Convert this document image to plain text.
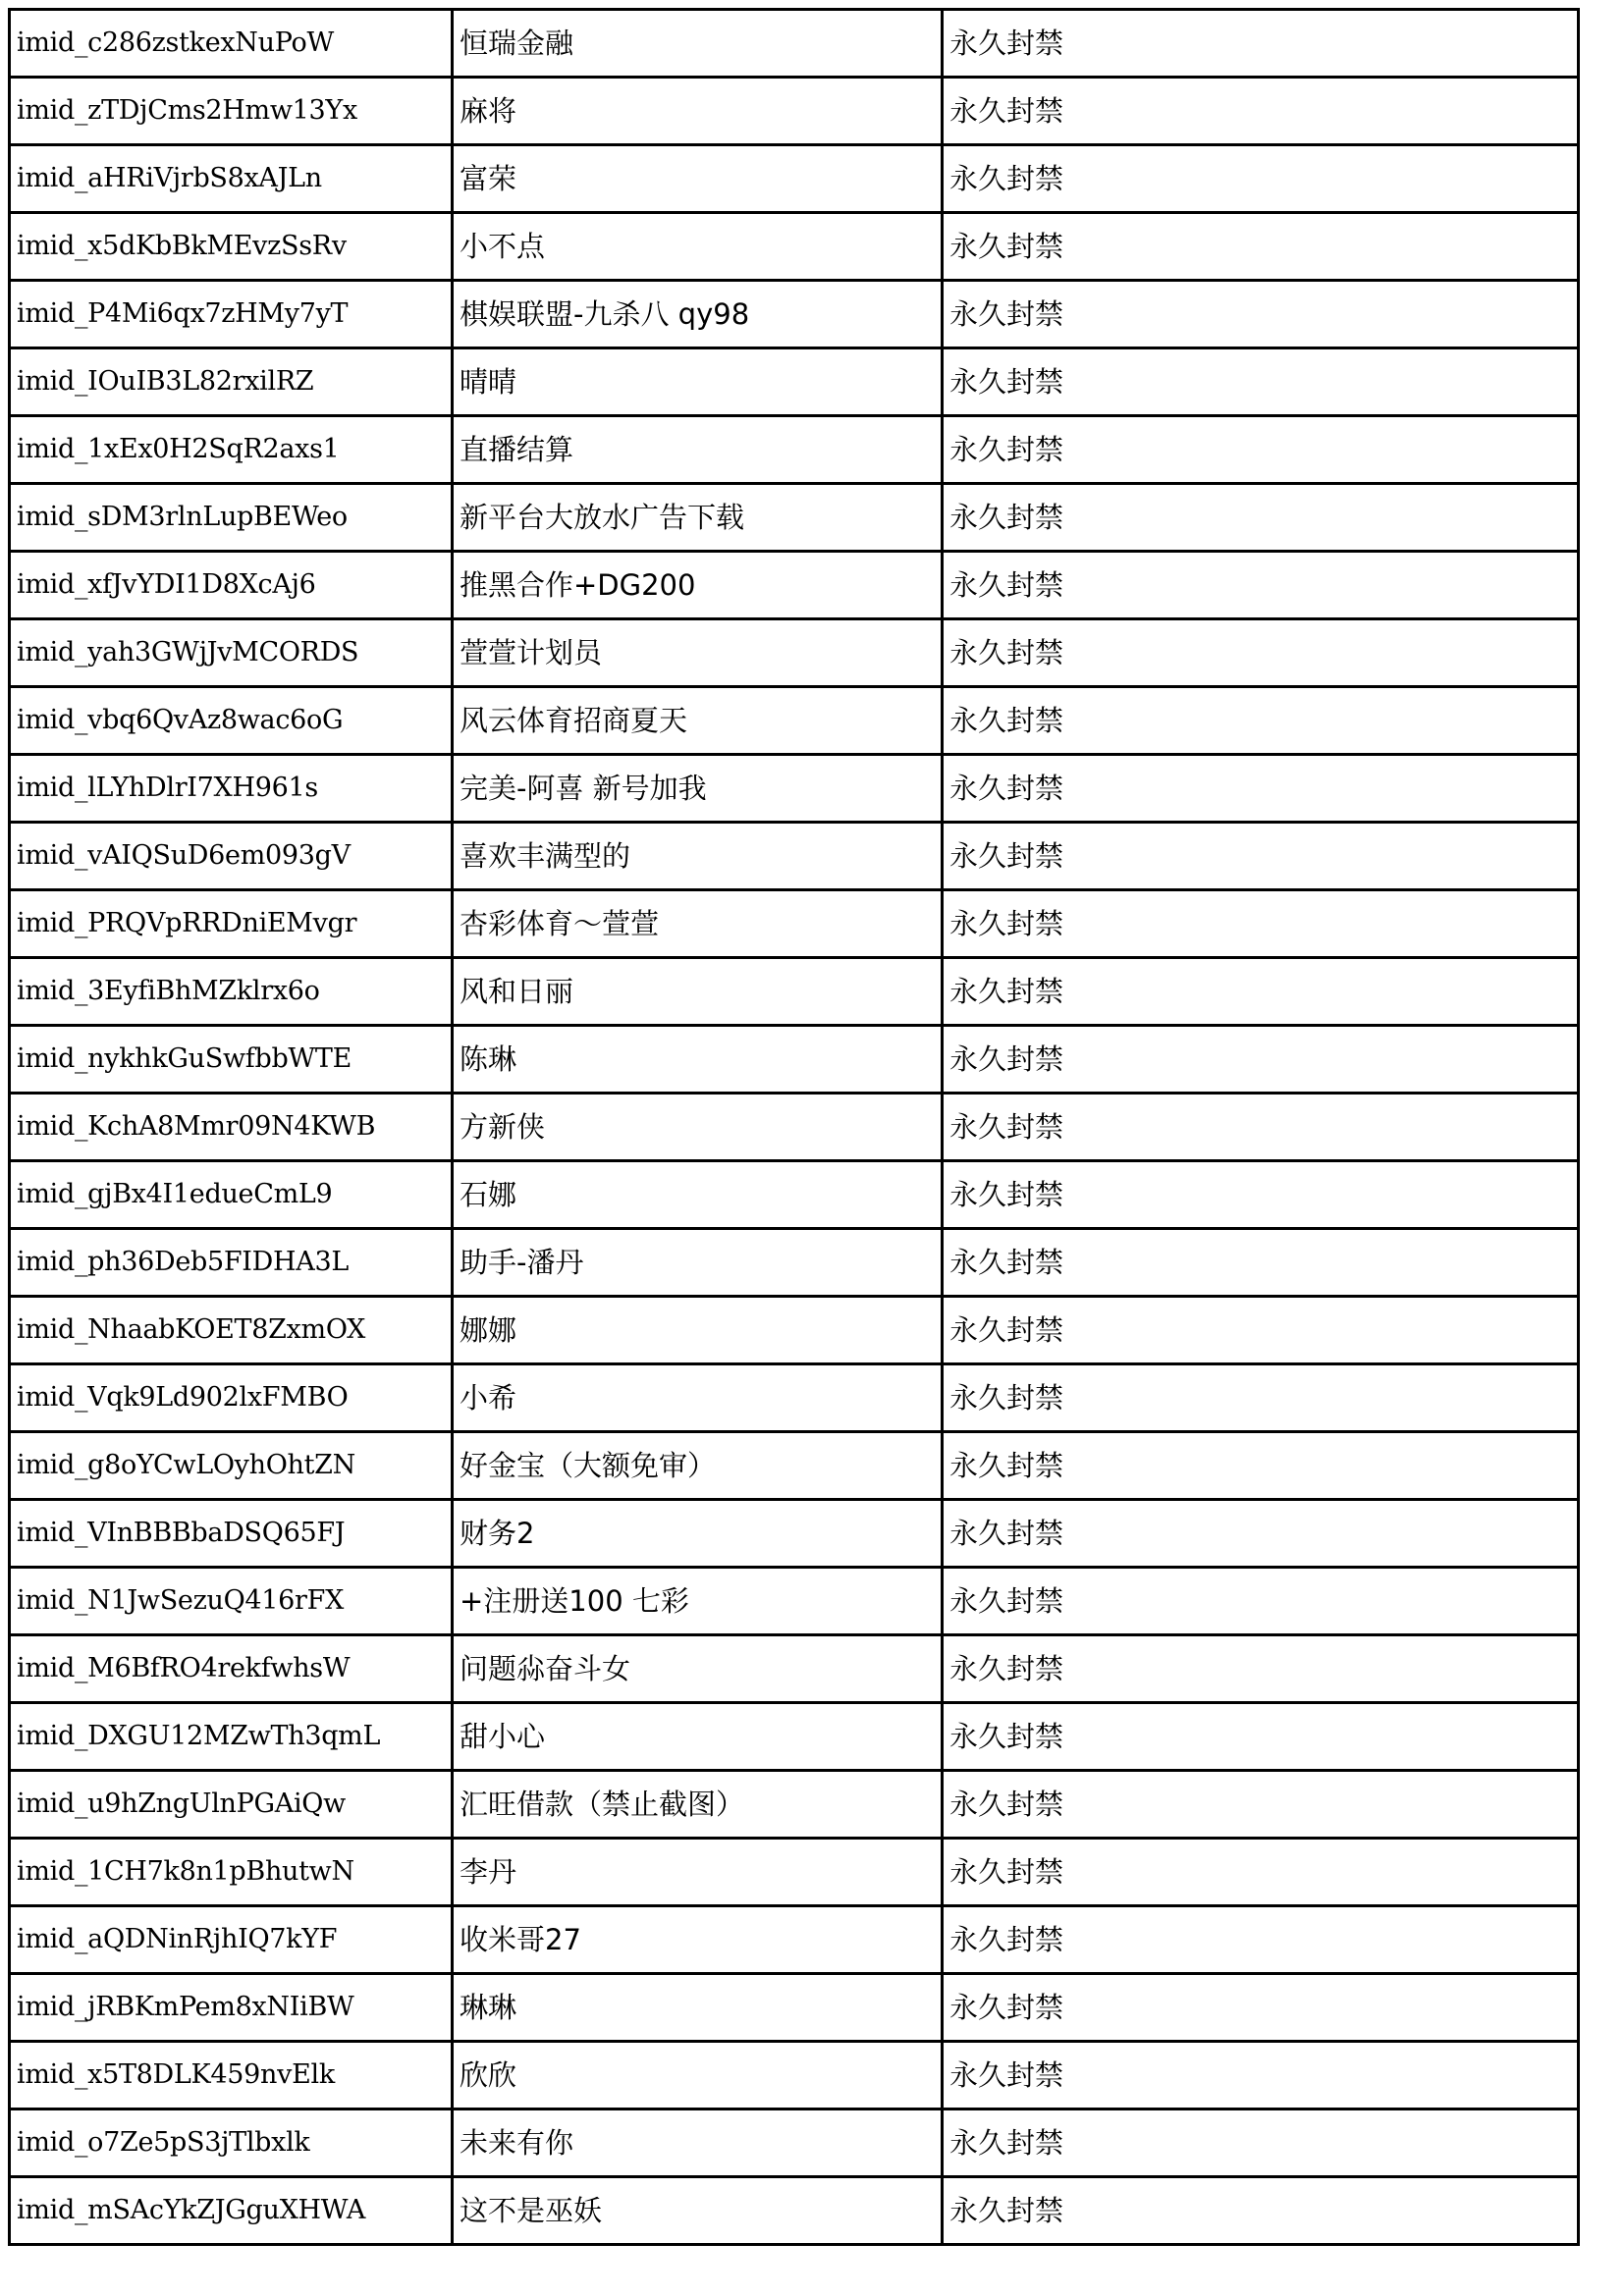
imid_c286zstkexNuPoW	恒瑞金融	永久封禁
imid_zTDjCms2Hmw13Yx	麻将	永久封禁
imid_aHRiVjrbS8xAJLn	富荣	永久封禁
imid_x5dKbBkMEvzSsRv	小不点	永久封禁
imid_P4Mi6qx7zHMy7yT	棋娱联盟-九杀八 qy98	永久封禁
imid_IOuIB3L82rxilRZ	晴晴	永久封禁
imid_1xEx0H2SqR2axs1	直播结算	永久封禁
imid_sDM3rlnLupBEWeo	新平台大放水广告下载	永久封禁
imid_xfJvYDI1D8XcAj6	推黑合作+DG200	永久封禁
imid_yah3GWjJvMCORDS	萱萱计划员	永久封禁
imid_vbq6QvAz8wac6oG	风云体育招商夏天	永久封禁
imid_lLYhDlrI7XH961s	完美-阿喜 新号加我	永久封禁
imid_vAIQSuD6em093gV	喜欢丰满型的	永久封禁
imid_PRQVpRRDniEMvgr	杏彩体育～萱萱	永久封禁
imid_3EyfiBhMZklrx6o	风和日丽	永久封禁
imid_nykhkGuSwfbbWTE	陈琳	永久封禁
imid_KchA8Mmr09N4KWB	方新侠	永久封禁
imid_gjBx4I1edueCmL9	石娜	永久封禁
imid_ph36Deb5FIDHA3L	助手-潘丹	永久封禁
imid_NhaabKOET8ZxmOX	娜娜	永久封禁
imid_Vqk9Ld902lxFMBO	小希	永久封禁
imid_g8oYCwLOyhOhtZN	好金宝（大额免审）	永久封禁
imid_VInBBBbaDSQ65FJ	财务2	永久封禁
imid_N1JwSezuQ416rFX	+注册送100 七彩	永久封禁
imid_M6BfRO4rekfwhsW	问题尛奋斗女	永久封禁
imid_DXGU12MZwTh3qmL	甜小心	永久封禁
imid_u9hZngUlnPGAiQw	汇旺借款（禁止截图）	永久封禁
imid_1CH7k8n1pBhutwN	李丹	永久封禁
imid_aQDNinRjhIQ7kYF	收米哥27	永久封禁
imid_jRBKmPem8xNIiBW	琳琳	永久封禁
imid_x5T8DLK459nvElk	欣欣	永久封禁
imid_o7Ze5pS3jTlbxlk	未来有你	永久封禁
imid_mSAcYkZJGguXHWA	这不是巫妖	永久封禁
